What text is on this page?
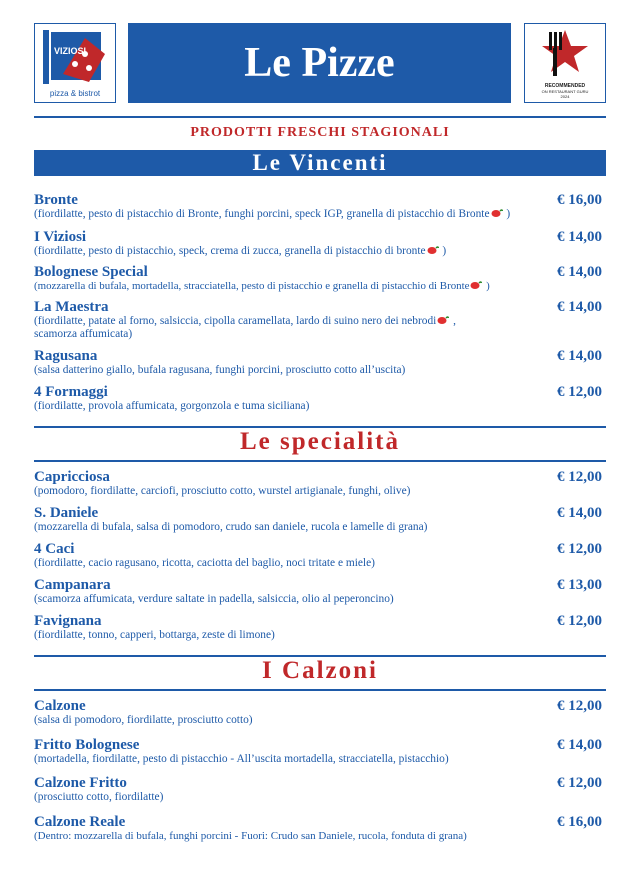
VIZIOSI
pizza & bistrot
Le Pizze	RECOMMENDED
ON RESTAURANT GURU
2024
PRODOTTI FRESCHI STAGIONALI
Le Vincenti
Bronte	€ 16,00
(fiordilatte, pesto di pistacchio di Bronte, funghi porcini, speck IGP, granella di pistacchio di Bronte )
I Viziosi	€ 14,00
(fiordilatte, pesto di pistacchio, speck, crema di zucca, granella di pistacchio di bronte )
Bolognese Special	€ 14,00
(mozzarella di bufala, mortadella, stracciatella, pesto di pistacchio e granella di pistacchio di Bronte )
La Maestra	€ 14,00
(fiordilatte, patate al forno, salsiccia, cipolla caramellata, lardo di suino nero dei nebrodi ,
scamorza affumicata)
Ragusana	€ 14,00
(salsa datterino giallo, bufala ragusana, funghi porcini, prosciutto cotto all’uscita)
4 Formaggi	€ 12,00
(fiordilatte, provola affumicata, gorgonzola e tuma siciliana)
Le specialità
Capricciosa	€ 12,00
(pomodoro, fiordilatte, carciofi, prosciutto cotto, wurstel artigianale, funghi, olive)
S. Daniele	€ 14,00
(mozzarella di bufala, salsa di pomodoro, crudo san daniele, rucola e lamelle di grana)
4 Caci	€ 12,00
(fiordilatte, cacio ragusano, ricotta, caciotta del baglio, noci tritate e miele)
Campanara	€ 13,00
(scamorza affumicata, verdure saltate in padella, salsiccia, olio al peperoncino)
Favignana	€ 12,00
(fiordilatte, tonno, capperi, bottarga, zeste di limone)
I Calzoni
Calzone	€ 12,00
(salsa di pomodoro, fiordilatte, prosciutto cotto)
Fritto Bolognese	€ 14,00
(mortadella, fiordilatte, pesto di pistacchio - All’uscita mortadella, stracciatella, pistacchio)
Calzone Fritto	€ 12,00
(prosciutto cotto, fiordilatte)
Calzone Reale	€ 16,00
(Dentro: mozzarella di bufala, funghi porcini - Fuori: Crudo san Daniele, rucola, fonduta di grana)
